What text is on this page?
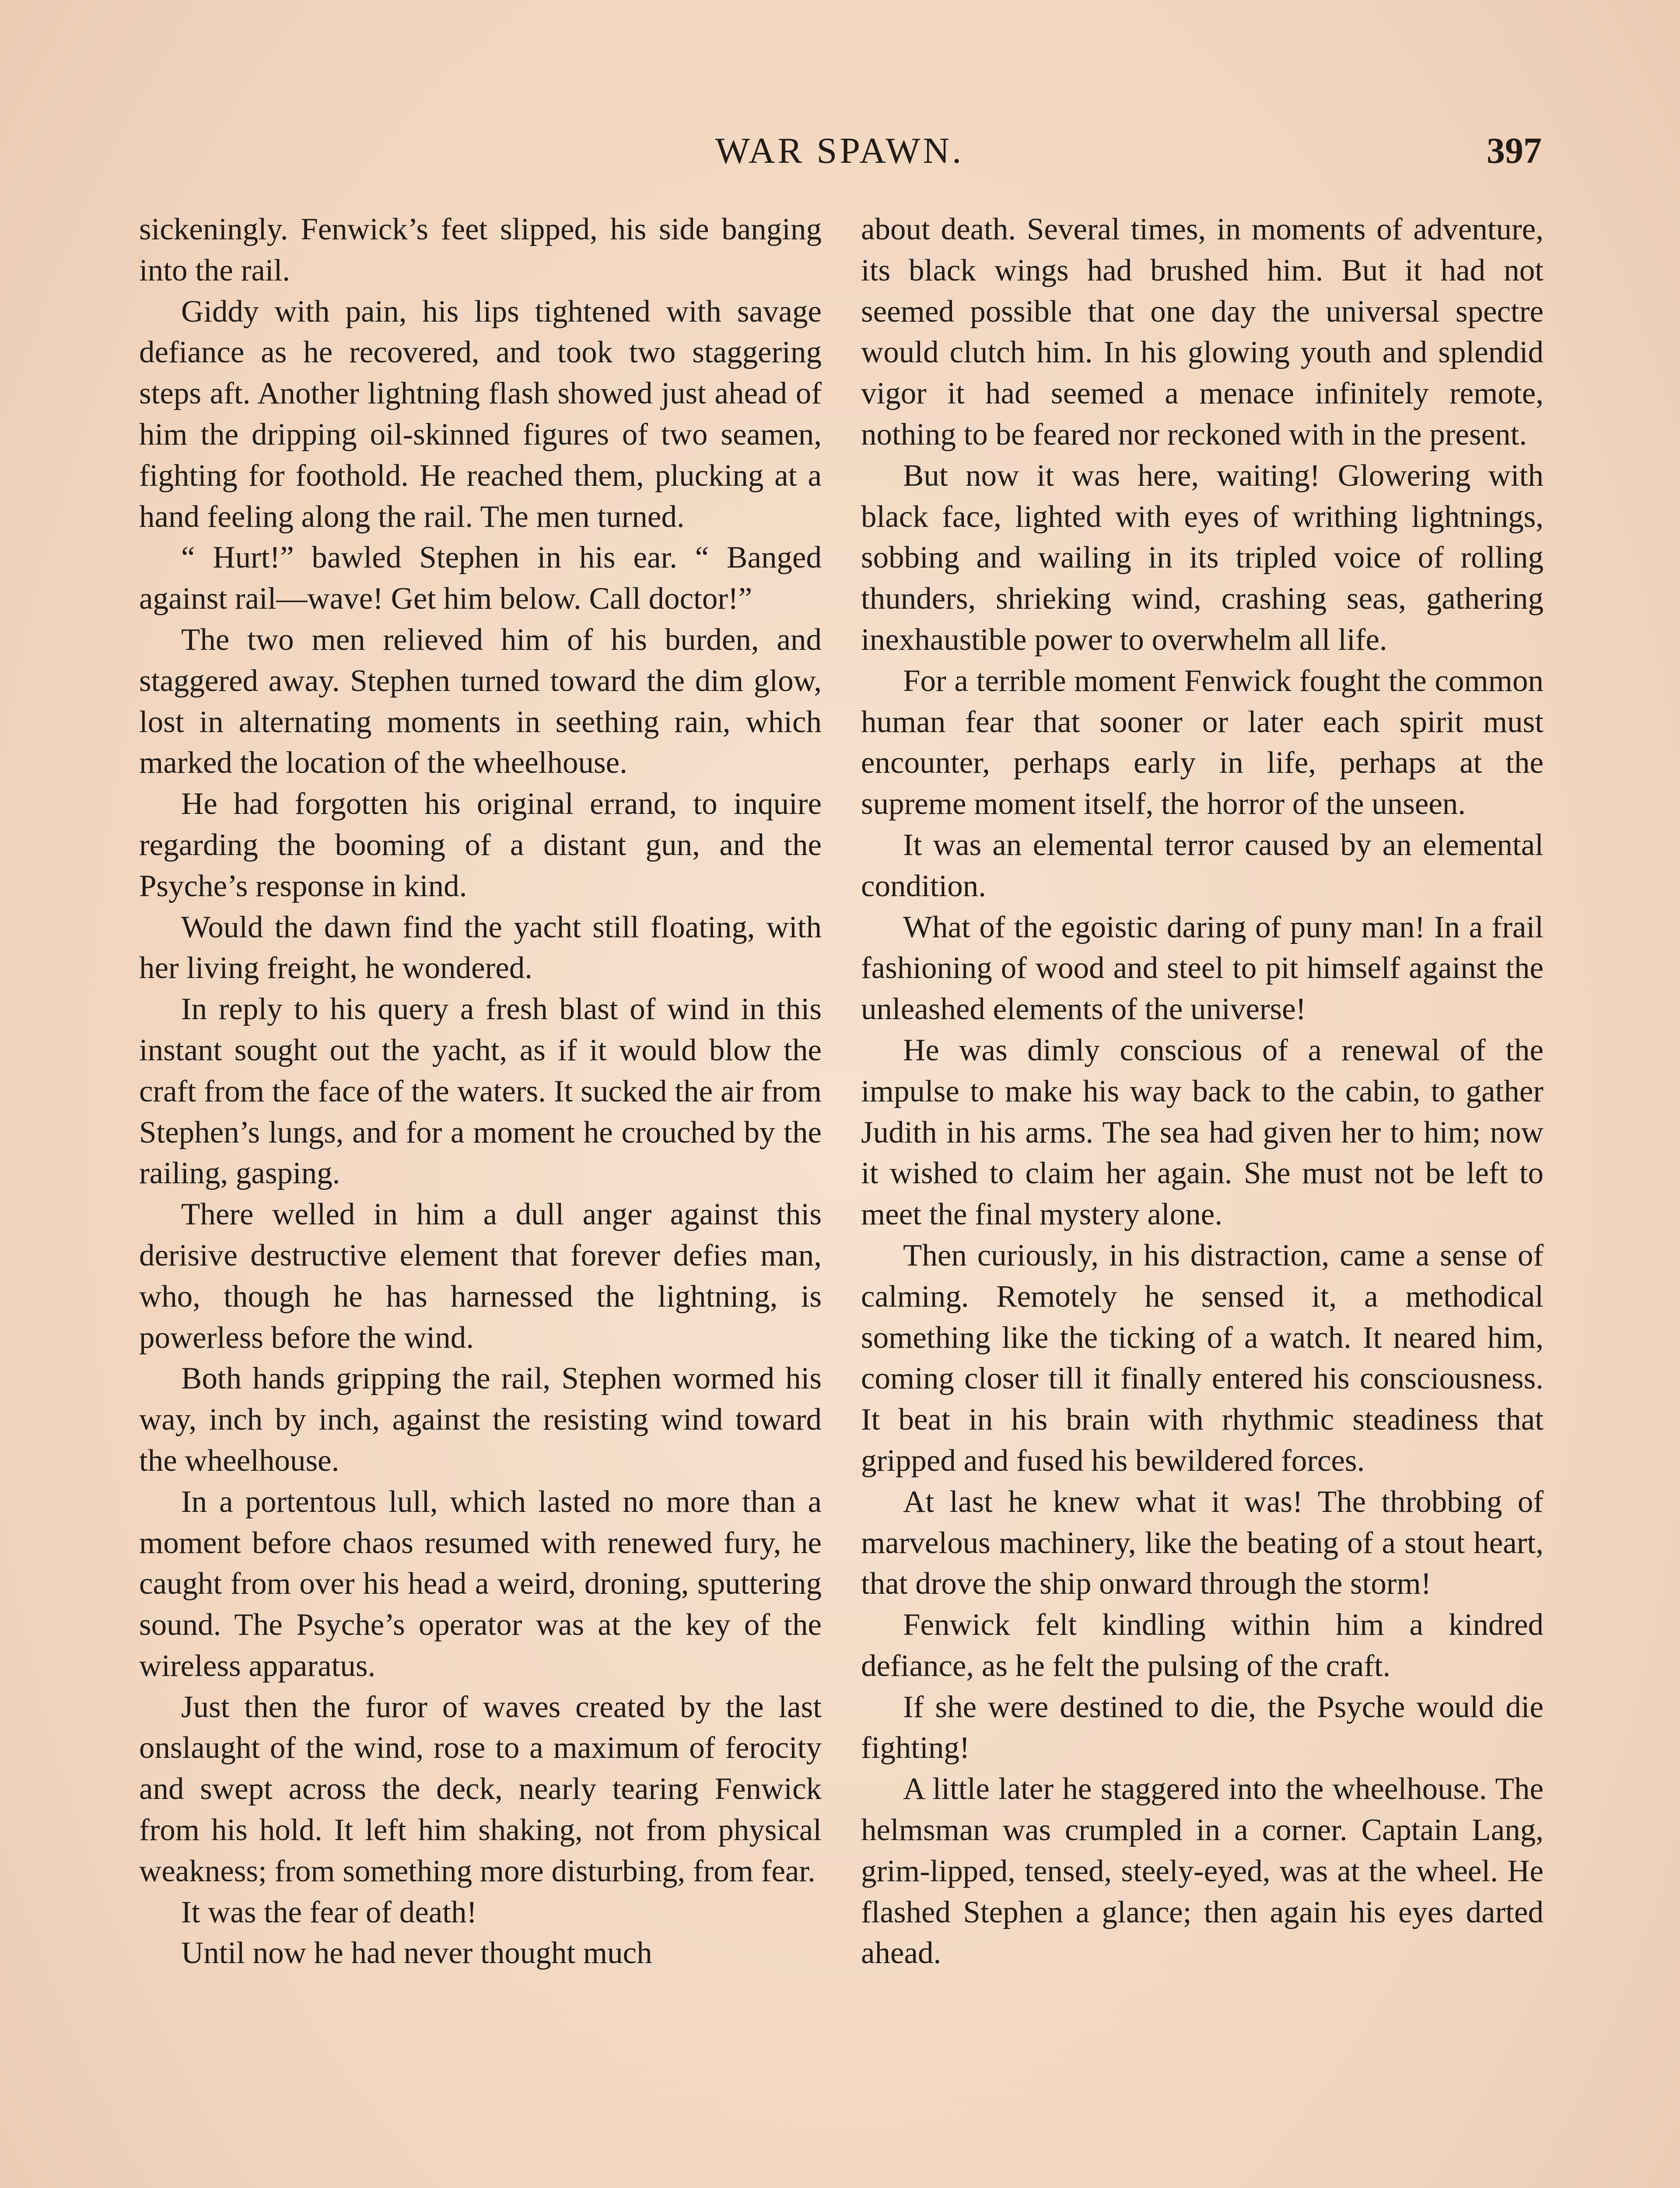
WAR SPAWN.	397

sickeningly. Fenwick’s feet slipped, his side banging into the rail.

Giddy with pain, his lips tightened with savage defiance as he recovered, and took two staggering steps aft. Another lightning flash showed just ahead of him the dripping oil-skinned figures of two seamen, fighting for foothold. He reached them, plucking at a hand feeling along the rail. The men turned.

“ Hurt!” bawled Stephen in his ear. “ Banged against rail—wave! Get him below. Call doctor!”

The two men relieved him of his burden, and staggered away. Stephen turned toward the dim glow, lost in alternating moments in seething rain, which marked the location of the wheelhouse.

He had forgotten his original errand, to inquire regarding the booming of a distant gun, and the Psyche’s response in kind.

Would the dawn find the yacht still floating, with her living freight, he wondered.

In reply to his query a fresh blast of wind in this instant sought out the yacht, as if it would blow the craft from the face of the waters. It sucked the air from Stephen’s lungs, and for a moment he crouched by the railing, gasping.

There welled in him a dull anger against this derisive destructive element that forever defies man, who, though he has harnessed the lightning, is powerless before the wind.

Both hands gripping the rail, Stephen wormed his way, inch by inch, against the resisting wind toward the wheelhouse.

In a portentous lull, which lasted no more than a moment before chaos resumed with renewed fury, he caught from over his head a weird, droning, sputtering sound. The Psyche’s operator was at the key of the wireless apparatus.

Just then the furor of waves created by the last onslaught of the wind, rose to a maximum of ferocity and swept across the deck, nearly tearing Fenwick from his hold. It left him shaking, not from physical weakness; from something more disturbing, from fear.

It was the fear of death!

Until now he had never thought much

about death. Several times, in moments of adventure, its black wings had brushed him. But it had not seemed possible that one day the universal spectre would clutch him. In his glowing youth and splendid vigor it had seemed a menace infinitely remote, nothing to be feared nor reckoned with in the present.

But now it was here, waiting! Glowering with black face, lighted with eyes of writhing lightnings, sobbing and wailing in its tripled voice of rolling thunders, shrieking wind, crashing seas, gathering inexhaustible power to overwhelm all life.

For a terrible moment Fenwick fought the common human fear that sooner or later each spirit must encounter, perhaps early in life, perhaps at the supreme moment itself, the horror of the unseen.

It was an elemental terror caused by an elemental condition.

What of the egoistic daring of puny man! In a frail fashioning of wood and steel to pit himself against the unleashed elements of the universe!

He was dimly conscious of a renewal of the impulse to make his way back to the cabin, to gather Judith in his arms. The sea had given her to him; now it wished to claim her again. She must not be left to meet the final mystery alone.

Then curiously, in his distraction, came a sense of calming. Remotely he sensed it, a methodical something like the ticking of a watch. It neared him, coming closer till it finally entered his consciousness. It beat in his brain with rhythmic steadiness that gripped and fused his bewildered forces.

At last he knew what it was! The throbbing of marvelous machinery, like the beating of a stout heart, that drove the ship onward through the storm!

Fenwick felt kindling within him a kindred defiance, as he felt the pulsing of the craft.

If she were destined to die, the Psyche would die fighting!

A little later he staggered into the wheelhouse. The helmsman was crumpled in a corner. Captain Lang, grim-lipped, tensed, steely-eyed, was at the wheel. He flashed Stephen a glance; then again his eyes darted ahead.
